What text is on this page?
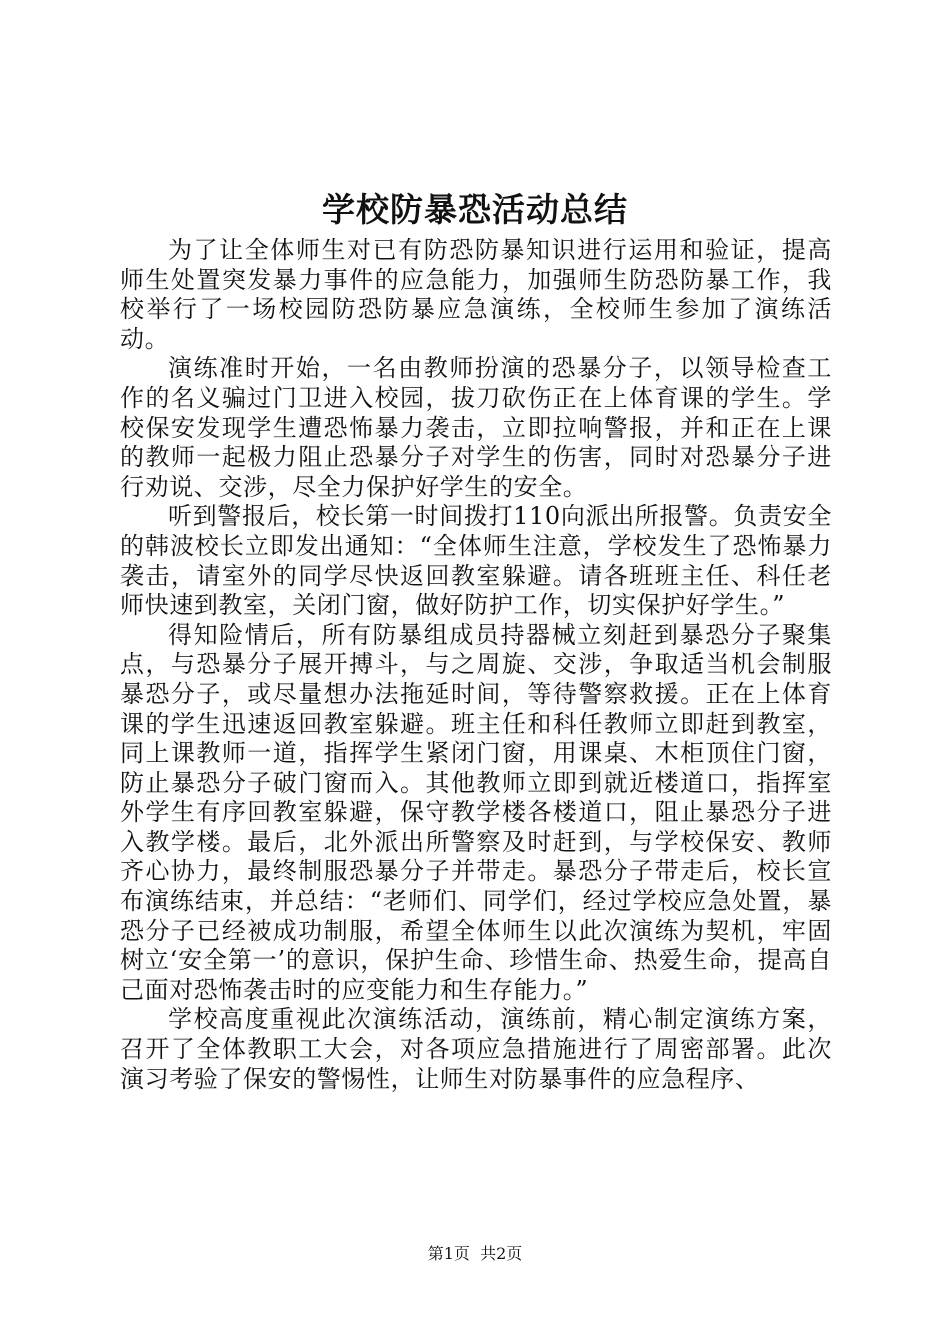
学校防暴恐活动总结

为了让全体师生对已有防恐防暴知识进行运用和验证，提高师生处置突发暴力事件的应急能力，加强师生防恐防暴工作，我校举行了一场校园防恐防暴应急演练，全校师生参加了演练活动。

演练准时开始，一名由教师扮演的恐暴分子，以领导检查工作的名义骗过门卫进入校园，拔刀砍伤正在上体育课的学生。学校保安发现学生遭恐怖暴力袭击，立即拉响警报，并和正在上课的教师一起极力阻止恐暴分子对学生的伤害，同时对恐暴分子进行劝说、交涉，尽全力保护好学生的安全。

听到警报后，校长第一时间拨打110向派出所报警。负责安全的韩波校长立即发出通知：“全体师生注意，学校发生了恐怖暴力袭击，请室外的同学尽快返回教室躲避。请各班班主任、科任老师快速到教室，关闭门窗，做好防护工作，切实保护好学生。”

得知险情后，所有防暴组成员持器械立刻赶到暴恐分子聚集点，与恐暴分子展开搏斗，与之周旋、交涉，争取适当机会制服暴恐分子，或尽量想办法拖延时间，等待警察救援。正在上体育课的学生迅速返回教室躲避。班主任和科任教师立即赶到教室，同上课教师一道，指挥学生紧闭门窗，用课桌、木柜顶住门窗，防止暴恐分子破门窗而入。其他教师立即到就近楼道口，指挥室外学生有序回教室躲避，保守教学楼各楼道口，阻止暴恐分子进入教学楼。最后，北外派出所警察及时赶到，与学校保安、教师齐心协力，最终制服恐暴分子并带走。暴恐分子带走后，校长宣布演练结束，并总结：“老师们、同学们，经过学校应急处置，暴恐分子已经被成功制服，希望全体师生以此次演练为契机，牢固树立‘安全第一’的意识，保护生命、珍惜生命、热爱生命，提高自己面对恐怖袭击时的应变能力和生存能力。”

学校高度重视此次演练活动，演练前，精心制定演练方案，召开了全体教职工大会，对各项应急措施进行了周密部署。此次演习考验了保安的警惕性，让师生对防暴事件的应急程序、

第1页 共2页
